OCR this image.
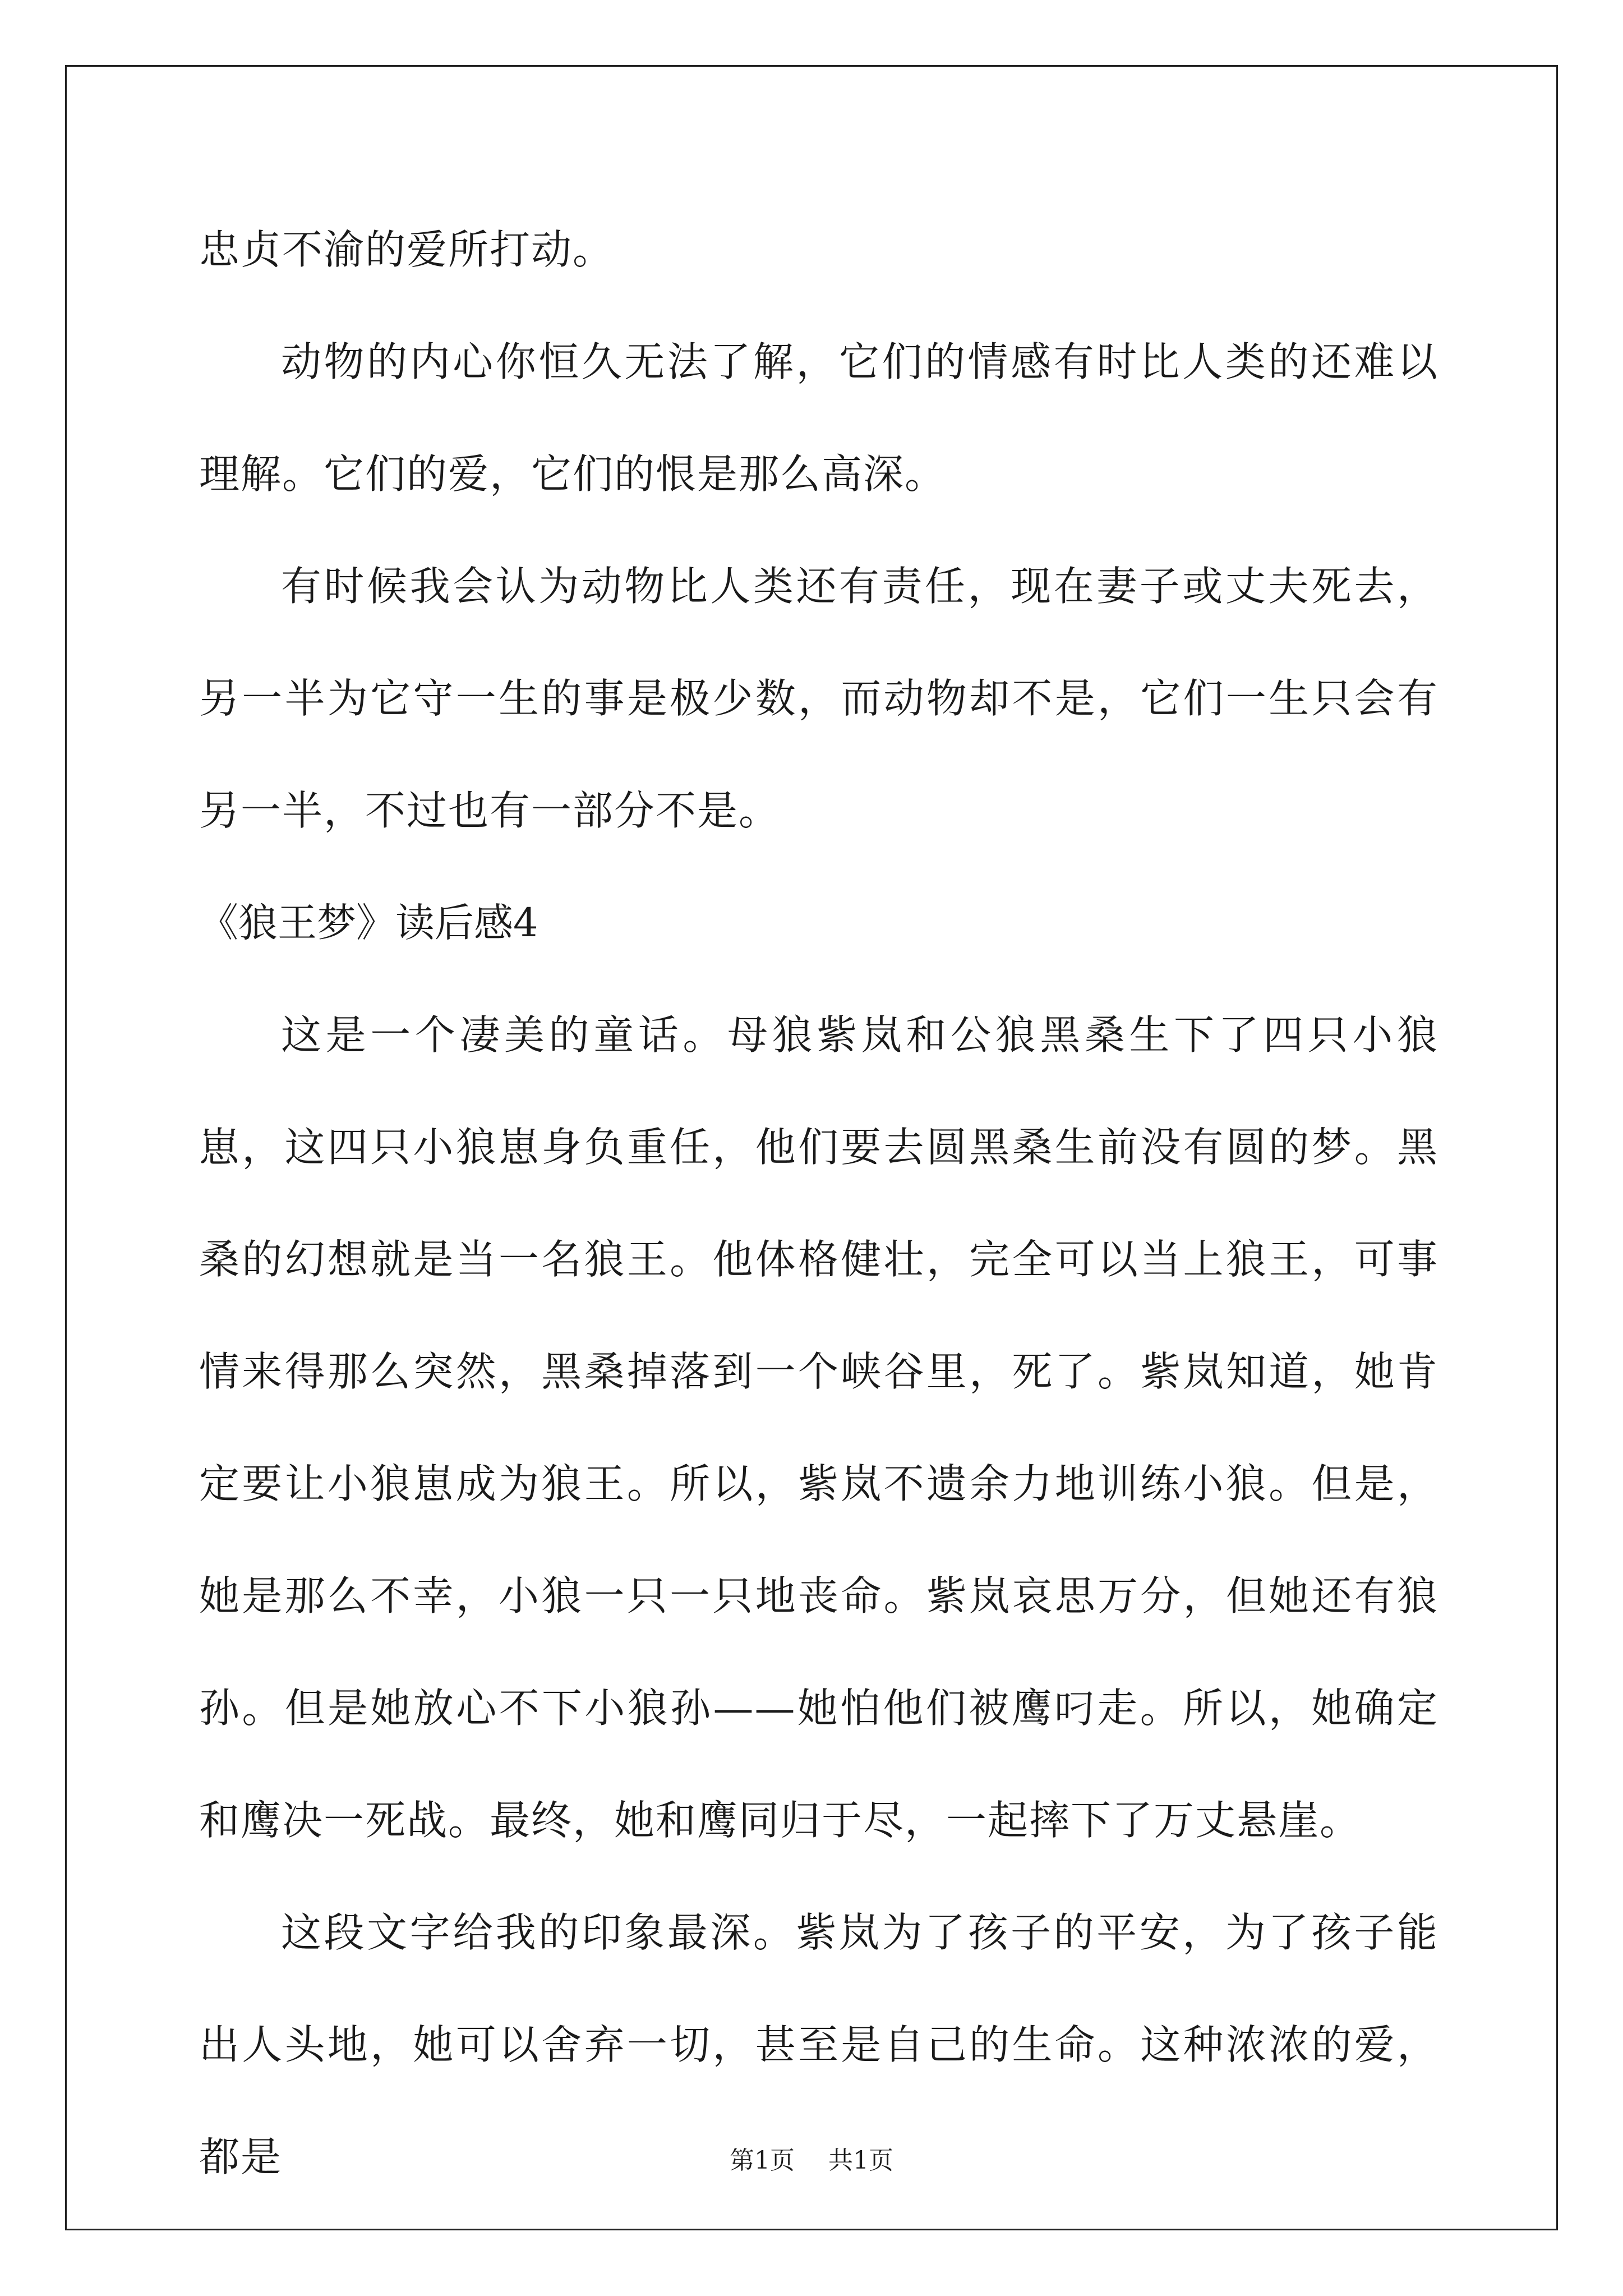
忠贞不渝的爱所打动。

动物的内心你恒久无法了解，它们的情感有时比人类的还难以理解。它们的爱，它们的恨是那么高深。

有时候我会认为动物比人类还有责任，现在妻子或丈夫死去，另一半为它守一生的事是极少数，而动物却不是，它们一生只会有另一半，不过也有一部分不是。

《狼王梦》读后感4

这是一个凄美的童话。母狼紫岚和公狼黑桑生下了四只小狼崽，这四只小狼崽身负重任，他们要去圆黑桑生前没有圆的梦。黑桑的幻想就是当一名狼王。他体格健壮，完全可以当上狼王，可事情来得那么突然，黑桑掉落到一个峡谷里，死了。紫岚知道，她肯定要让小狼崽成为狼王。所以，紫岚不遗余力地训练小狼。但是，她是那么不幸，小狼一只一只地丧命。紫岚哀思万分，但她还有狼孙。但是她放心不下小狼孙——她怕他们被鹰叼走。所以，她确定和鹰决一死战。最终，她和鹰同归于尽，一起摔下了万丈悬崖。

这段文字给我的印象最深。紫岚为了孩子的平安，为了孩子能出人头地，她可以舍弃一切，甚至是自己的生命。这种浓浓的爱，都是	第1页 共1页
